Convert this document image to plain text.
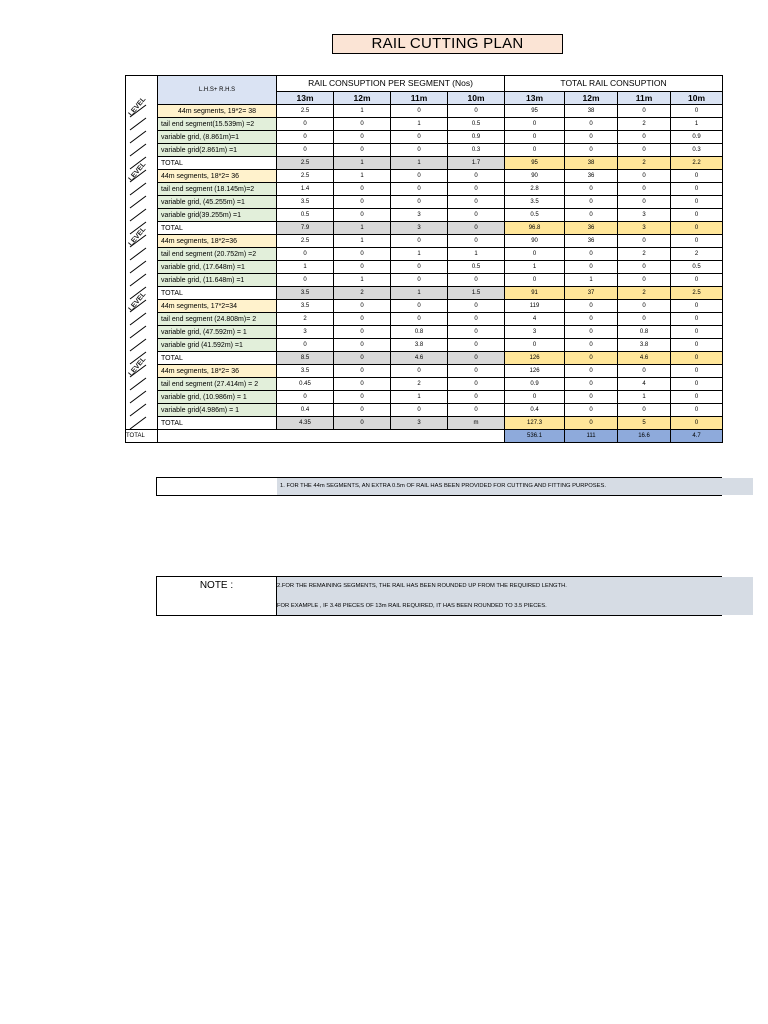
RAIL CUTTING PLAN
	L.H.S+ R.H.S	RAIL CONSUPTION PER SEGMENT (Nos)				TOTAL RAIL CONSUPTION			
		13m	12m	11m	10m	13m	12m	11m	10m

	44m segments, 19*2= 38	2.5	1	0	0	95	38	0	0

LEVEL	tail end segment(15.539m) =2	0	0	1	0.5	0	0	2	1

	variable grid, (8.861m)=1	0	0	0	0.9	0	0	0	0.9

	variable grid(2.861m) =1	0	0	0	0.3	0	0	0	0.3

	TOTAL	2.5	1	1	1.7	95	38	2	2.2

	44m segments, 18*2= 36	2.5	1	0	0	90	36	0	0

LEVEL	tail end segment (18.145m)=2	1.4	0	0	0	2.8	0	0	0

	variable grid, (45.255m) =1	3.5	0	0	0	3.5	0	0	0

	variable grid(39.255m) =1	0.5	0	3	0	0.5	0	3	0

	TOTAL	7.9	1	3	0	96.8	36	3	0

	44m segments, 18*2=36	2.5	1	0	0	90	36	0	0

LEVEL	tail end segment (20.752m) =2	0	0	1	1	0	0	2	2

	variable grid, (17.648m) =1	1	0	0	0.5	1	0	0	0.5

	variable grid, (11.648m) =1	0	1	0	0	0	1	0	0

	TOTAL	3.5	2	1	1.5	91	37	2	2.5

	44m segments, 17*2=34	3.5	0	0	0	119	0	0	0

LEVEL	tail end segment (24.808m)= 2	2	0	0	0	4	0	0	0

	variable grid, (47.592m) = 1	3	0	0.8	0	3	0	0.8	0

	variable grid (41.592m) =1	0	0	3.8	0	0	0	3.8	0

	TOTAL	8.5	0	4.6	0	126	0	4.6	0

	44m segments, 18*2= 36	3.5	0	0	0	126	0	0	0

LEVEL	tail end segment (27.414m) = 2	0.45	0	2	0	0.9	0	4	0

	variable grid, (10.986m) = 1	0	0	1	0	0	0	1	0

	variable grid(4.986m) = 1	0.4	0	0	0	0.4	0	0	0

	TOTAL	4.35	0	3	m	127.3	0	5	0
TOTAL						536.1	111	16.6	4.7
1. FOR THE 44m SEGMENTS, AN EXTRA 0.5m OF RAIL HAS BEEN PROVIDED FOR CUTTING AND FITTING PURPOSES.
NOTE :	2.FOR THE REMAINING SEGMENTS, THE RAIL HAS BEEN ROUNDED UP FROM THE REQUIRED LENGTH.
FOR EXAMPLE , IF 3.48 PIECES OF 13m RAIL REQUIRED, IT HAS BEEN ROUNDED TO 3.5 PIECES.
